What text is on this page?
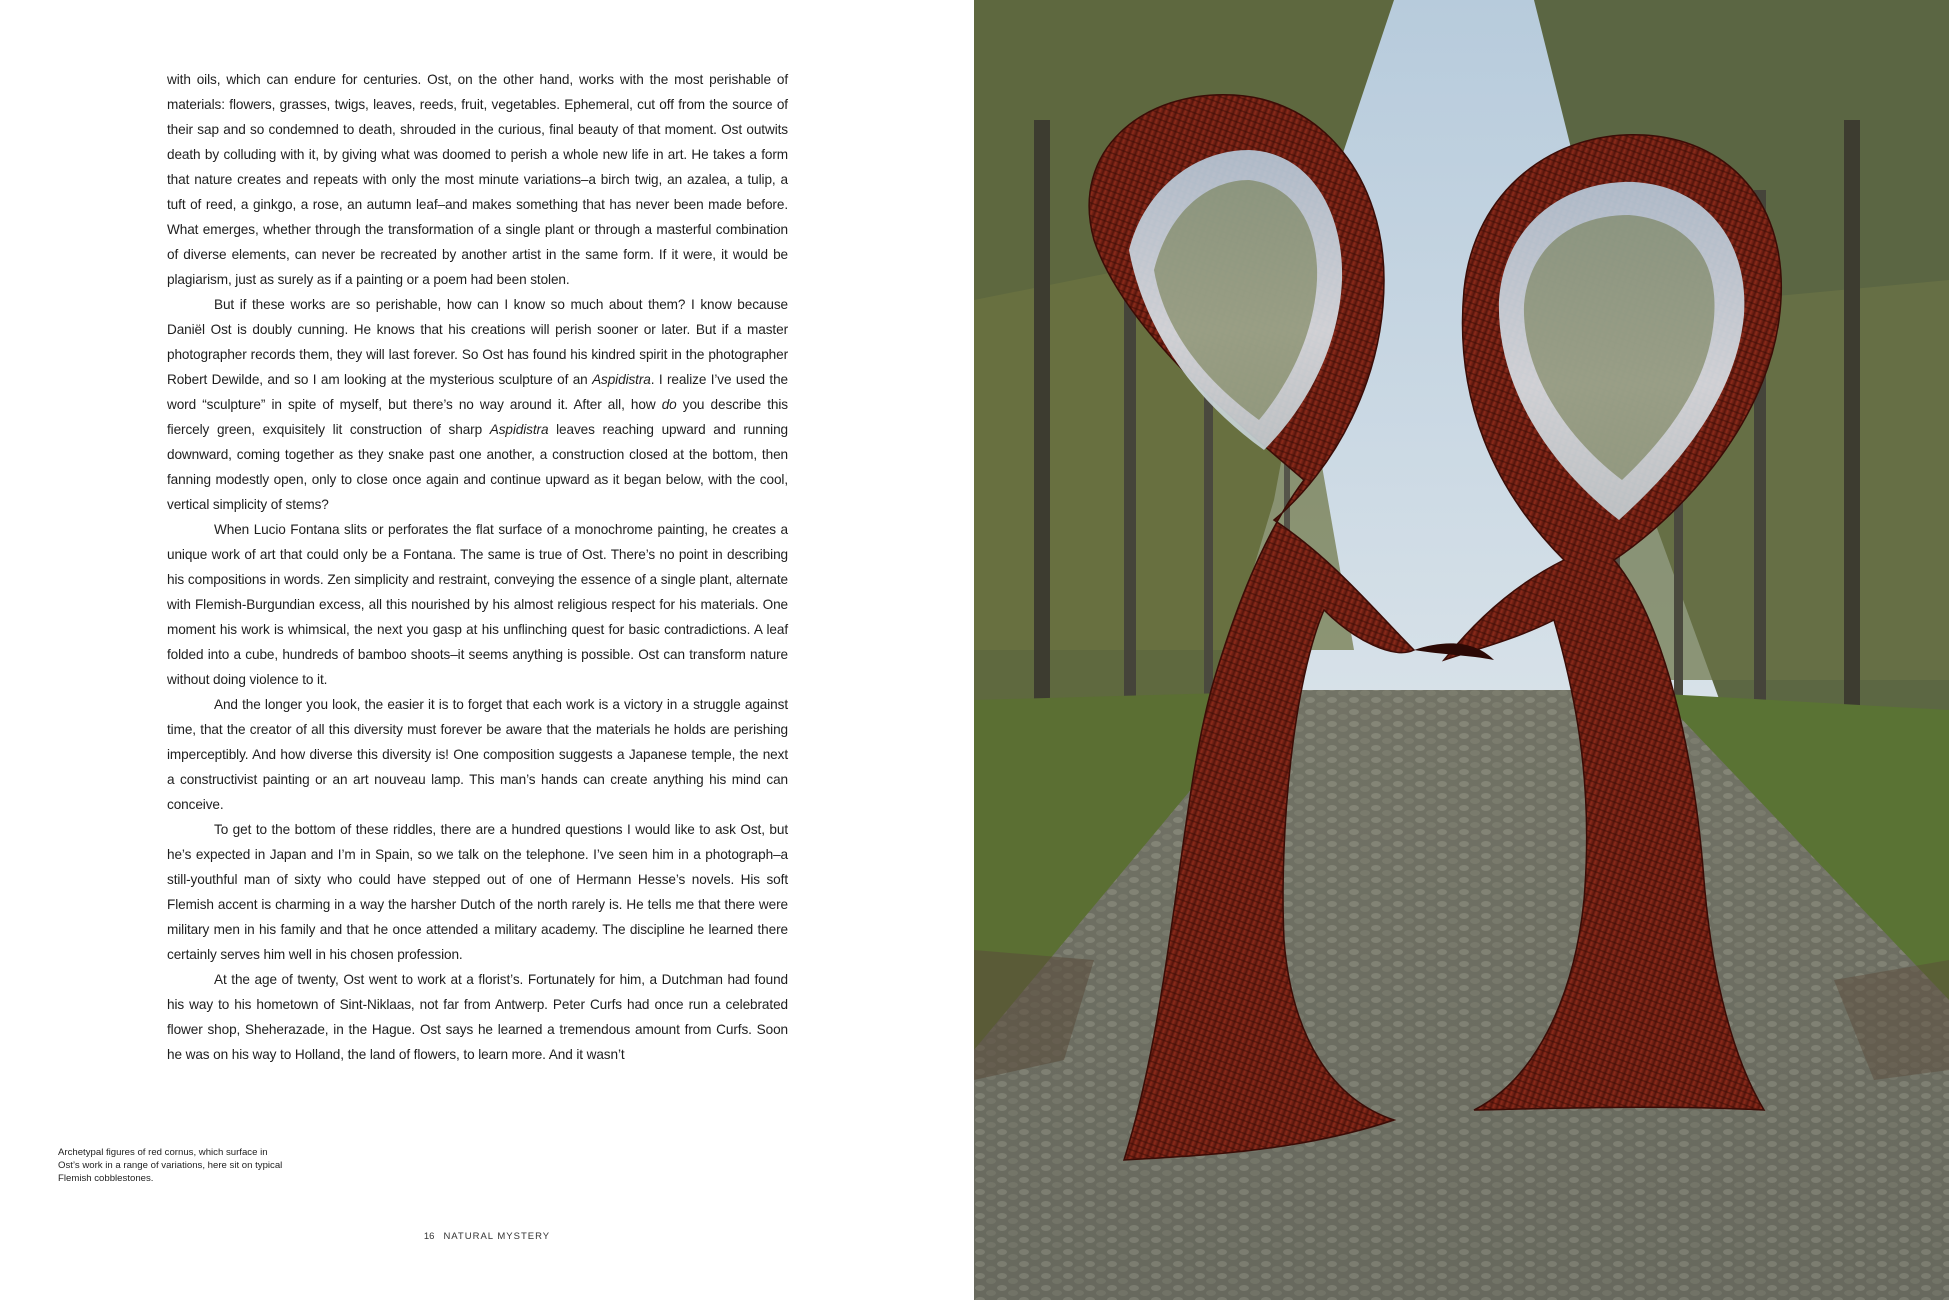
with oils, which can endure for centuries. Ost, on the other hand, works with the most perishable of materials: flowers, grasses, twigs, leaves, reeds, fruit, vegetables. Ephemeral, cut off from the source of their sap and so condemned to death, shrouded in the curious, final beauty of that moment. Ost outwits death by colluding with it, by giving what was doomed to perish a whole new life in art. He takes a form that nature creates and repeats with only the most minute variations–a birch twig, an azalea, a tulip, a tuft of reed, a ginkgo, a rose, an autumn leaf–and makes something that has never been made before. What emerges, whether through the transformation of a single plant or through a masterful combination of diverse elements, can never be recreated by another artist in the same form. If it were, it would be plagiarism, just as surely as if a painting or a poem had been stolen.

But if these works are so perishable, how can I know so much about them? I know because Daniël Ost is doubly cunning. He knows that his creations will perish sooner or later. But if a master photographer records them, they will last forever. So Ost has found his kindred spirit in the photographer Robert Dewilde, and so I am looking at the mysterious sculpture of an Aspidistra. I realize I’ve used the word “sculpture” in spite of myself, but there’s no way around it. After all, how do you describe this fiercely green, exquisitely lit construction of sharp Aspidistra leaves reaching upward and running downward, coming together as they snake past one another, a construction closed at the bottom, then fanning modestly open, only to close once again and continue upward as it began below, with the cool, vertical simplicity of stems?

When Lucio Fontana slits or perforates the flat surface of a monochrome painting, he creates a unique work of art that could only be a Fontana. The same is true of Ost. There’s no point in describing his compositions in words. Zen simplicity and restraint, conveying the essence of a single plant, alternate with Flemish-Burgundian excess, all this nourished by his almost religious respect for his materials. One moment his work is whimsical, the next you gasp at his unflinching quest for basic contradictions. A leaf folded into a cube, hundreds of bamboo shoots–it seems anything is possible. Ost can transform nature without doing violence to it.

And the longer you look, the easier it is to forget that each work is a victory in a struggle against time, that the creator of all this diversity must forever be aware that the materials he holds are perishing imperceptibly. And how diverse this diversity is! One composition suggests a Japanese temple, the next a constructivist painting or an art nouveau lamp. This man’s hands can create anything his mind can conceive.

To get to the bottom of these riddles, there are a hundred questions I would like to ask Ost, but he’s expected in Japan and I’m in Spain, so we talk on the telephone. I’ve seen him in a photograph–a still-youthful man of sixty who could have stepped out of one of Hermann Hesse’s novels. His soft Flemish accent is charming in a way the harsher Dutch of the north rarely is. He tells me that there were military men in his family and that he once attended a military academy. The discipline he learned there certainly serves him well in his chosen profession.

At the age of twenty, Ost went to work at a florist’s. Fortunately for him, a Dutchman had found his way to his hometown of Sint-Niklaas, not far from Antwerp. Peter Curfs had once run a celebrated flower shop, Sheherazade, in the Hague. Ost says he learned a tremendous amount from Curfs. Soon he was on his way to Holland, the land of flowers, to learn more. And it wasn’t

Archetypal figures of red cornus, which surface in Ost’s work in a range of variations, here sit on typical Flemish cobblestones.
16 NATURAL MYSTERY
